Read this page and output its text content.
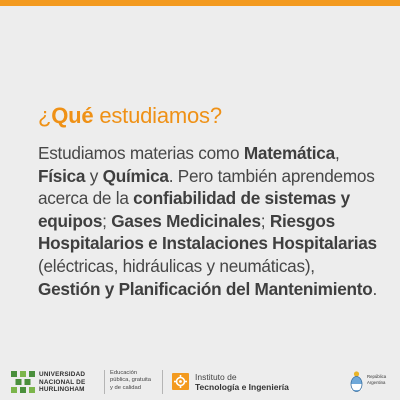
¿Qué estudiamos?

Estudiamos materias como Matemática, Física y Química. Pero también aprendemos acerca de la confiabilidad de sistemas y equipos; Gases Medicinales; Riesgos Hospitalarios e Instalaciones Hospitalarias (eléctricas, hidráulicas y neumáticas), Gestión y Planificación del Mantenimiento.

UNIVERSIDAD
NACIONAL DE
HURLINGHAM
Educación
pública, gratuita
y de calidad
Instituto de
Tecnología e Ingeniería
República
Argentina
